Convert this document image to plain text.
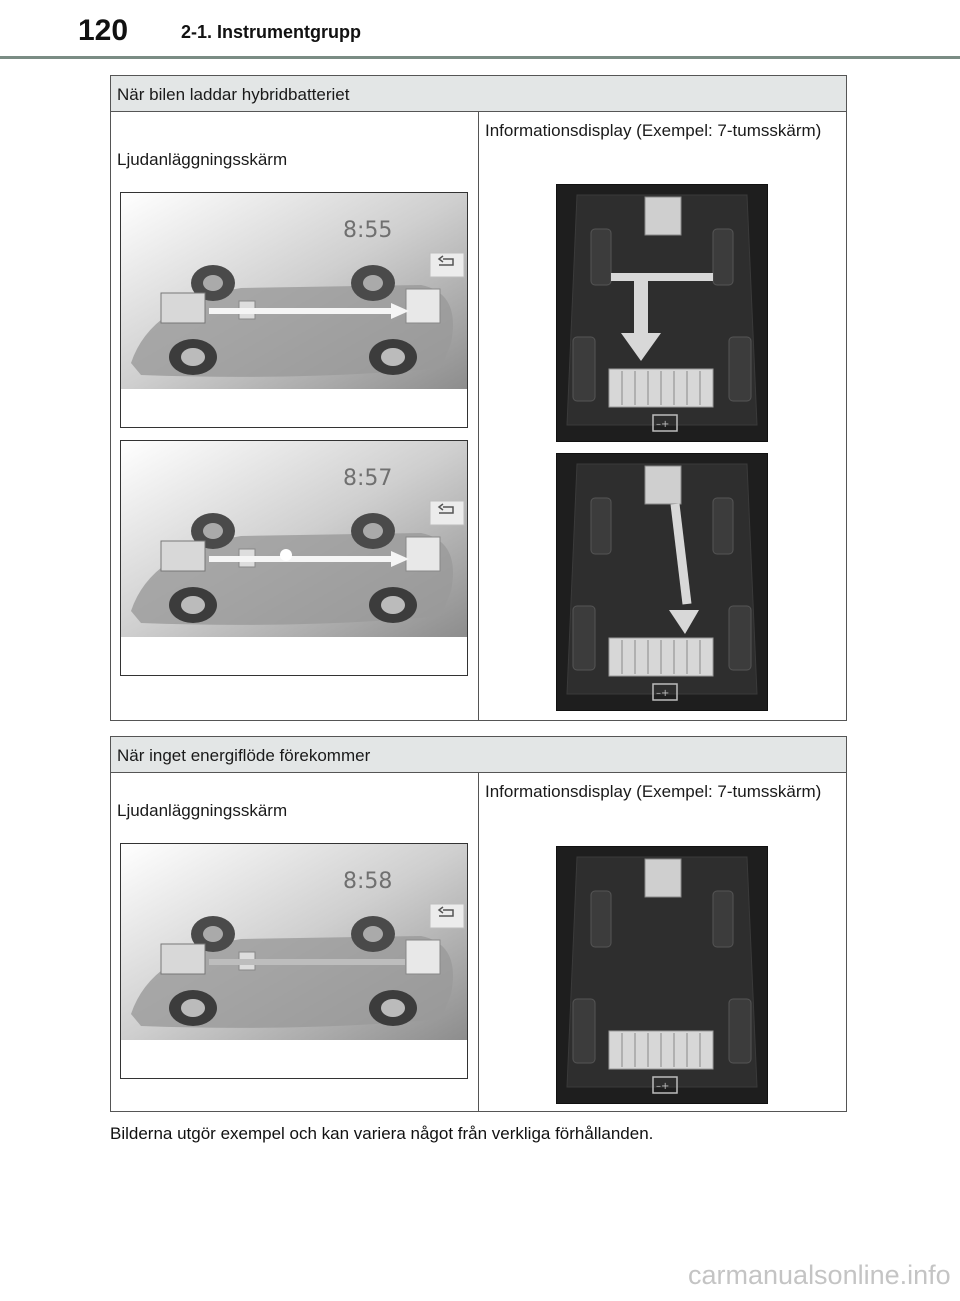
120	2-1. Instrumentgrupp
När bilen laddar hybridbatteriet

Ljudanläggningsskärm
8:55
8:57

Informationsdisplay (Exempel: 7-tumsskärm)
–+
–+
När inget energiflöde förekommer

Ljudanläggningsskärm
8:58

Informationsdisplay (Exempel: 7-tumsskärm)
–+
Bilderna utgör exempel och kan variera något från verkliga förhållanden.
carmanualsonline.info
